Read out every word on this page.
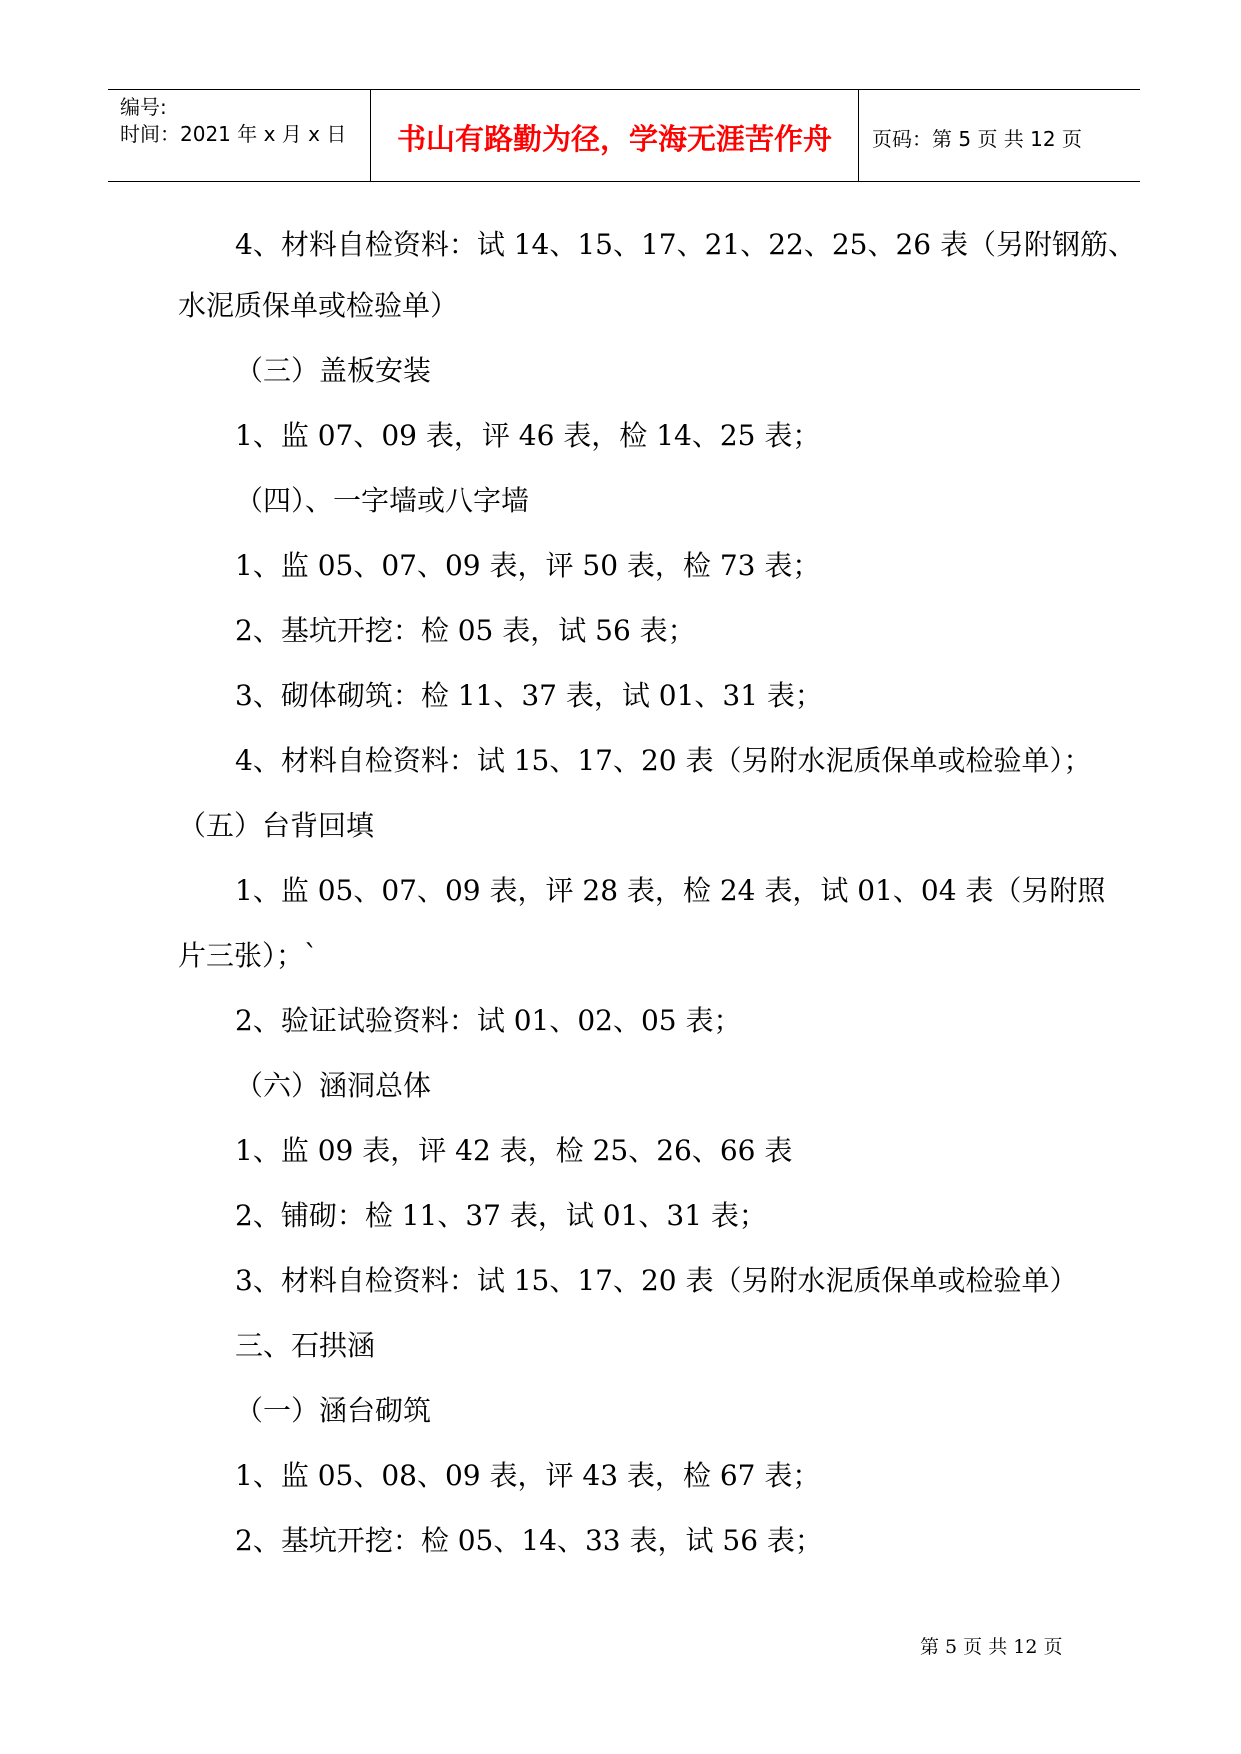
编号:
时间：2021 年 x 月 x 日	书山有路勤为径，学海无涯苦作舟	页码：第 5 页 共 12 页
4、材料自检资料：试 14、15、17、21、22、25、26 表（另附钢筋、
水泥质保单或检验单）
（三）盖板安装
1、监 07、09 表，评 46 表，检 14、25 表；
（四）、一字墙或八字墙
1、监 05、07、09 表，评 50 表，检 73 表；
2、基坑开挖：检 05 表，试 56 表；
3、砌体砌筑：检 11、37 表，试 01、31 表；
4、材料自检资料：试 15、17、20 表（另附水泥质保单或检验单）；
（五）台背回填
1、监 05、07、09 表，评 28 表，检 24 表，试 01、04 表（另附照
片三张）；`
2、验证试验资料：试 01、02、05 表；
（六）涵洞总体
1、监 09 表，评 42 表，检 25、26、66 表
2、铺砌：检 11、37 表，试 01、31 表；
3、材料自检资料：试 15、17、20 表（另附水泥质保单或检验单）
三、石拱涵
（一）涵台砌筑
1、监 05、08、09 表，评 43 表，检 67 表；
2、基坑开挖：检 05、14、33 表，试 56 表；
第 5 页 共 12 页
